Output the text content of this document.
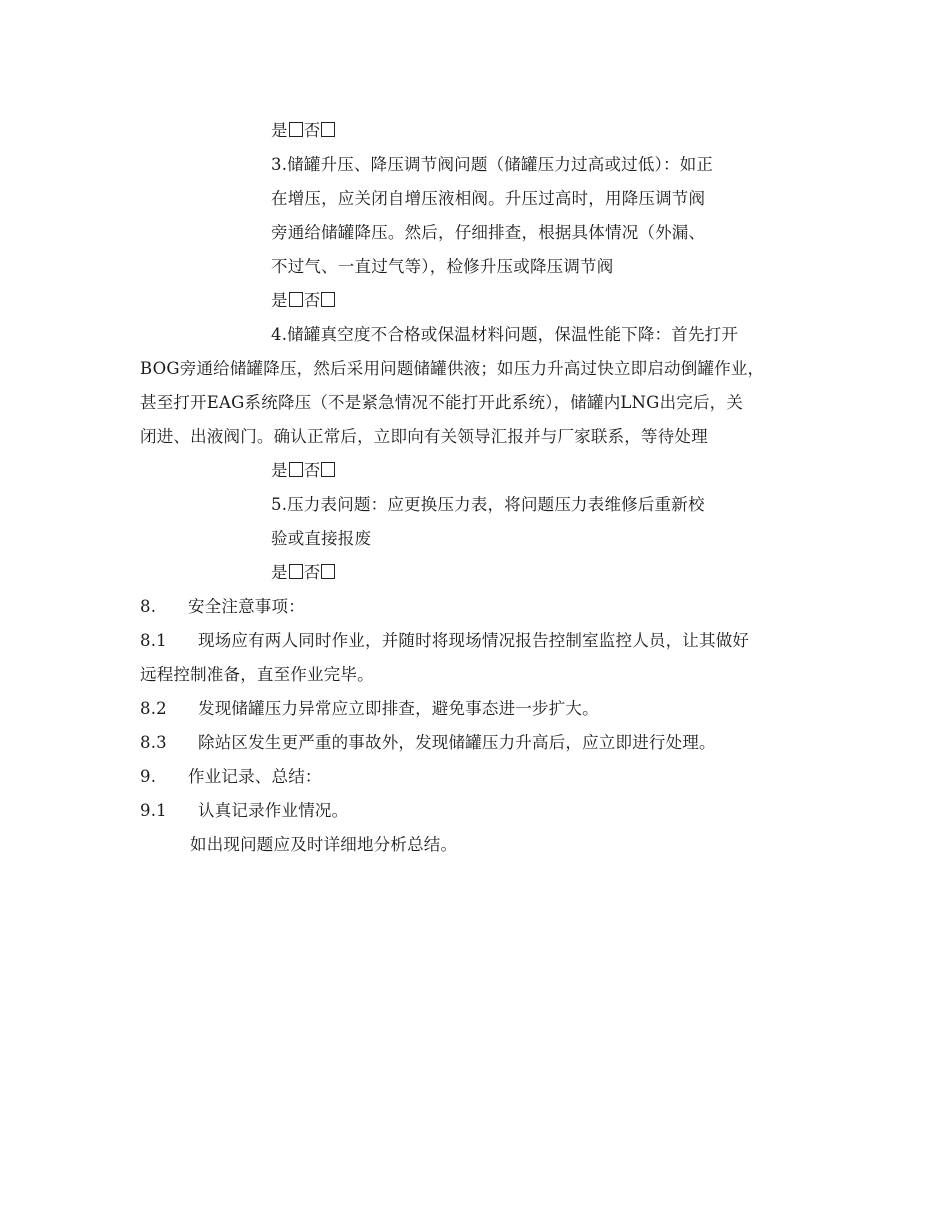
是 否
3.储罐升压、降压调节阀问题（储罐压力过高或过低）：如正
在增压，应关闭自增压液相阀。升压过高时，用降压调节阀
旁通给储罐降压。然后，仔细排查，根据具体情况（外漏、
不过气、一直过气等），检修升压或降压调节阀
是 否
4.储罐真空度不合格或保温材料问题，保温性能下降：首先打开
BOG旁通给储罐降压，然后采用问题储罐供液；如压力升高过快立即启动倒罐作业，
甚至打开EAG系统降压（不是紧急情况不能打开此系统），储罐内LNG出完后，关
闭进、出液阀门。确认正常后，立即向有关领导汇报并与厂家联系，等待处理
是 否
5.压力表问题：应更换压力表，将问题压力表维修后重新校
验或直接报废
是 否
8. 安全注意事项：
8.1 现场应有两人同时作业，并随时将现场情况报告控制室监控人员，让其做好
远程控制准备，直至作业完毕。
8.2 发现储罐压力异常应立即排查，避免事态进一步扩大。
8.3 除站区发生更严重的事故外，发现储罐压力升高后，应立即进行处理。
9. 作业记录、总结：
9.1 认真记录作业情况。
如出现问题应及时详细地分析总结。
